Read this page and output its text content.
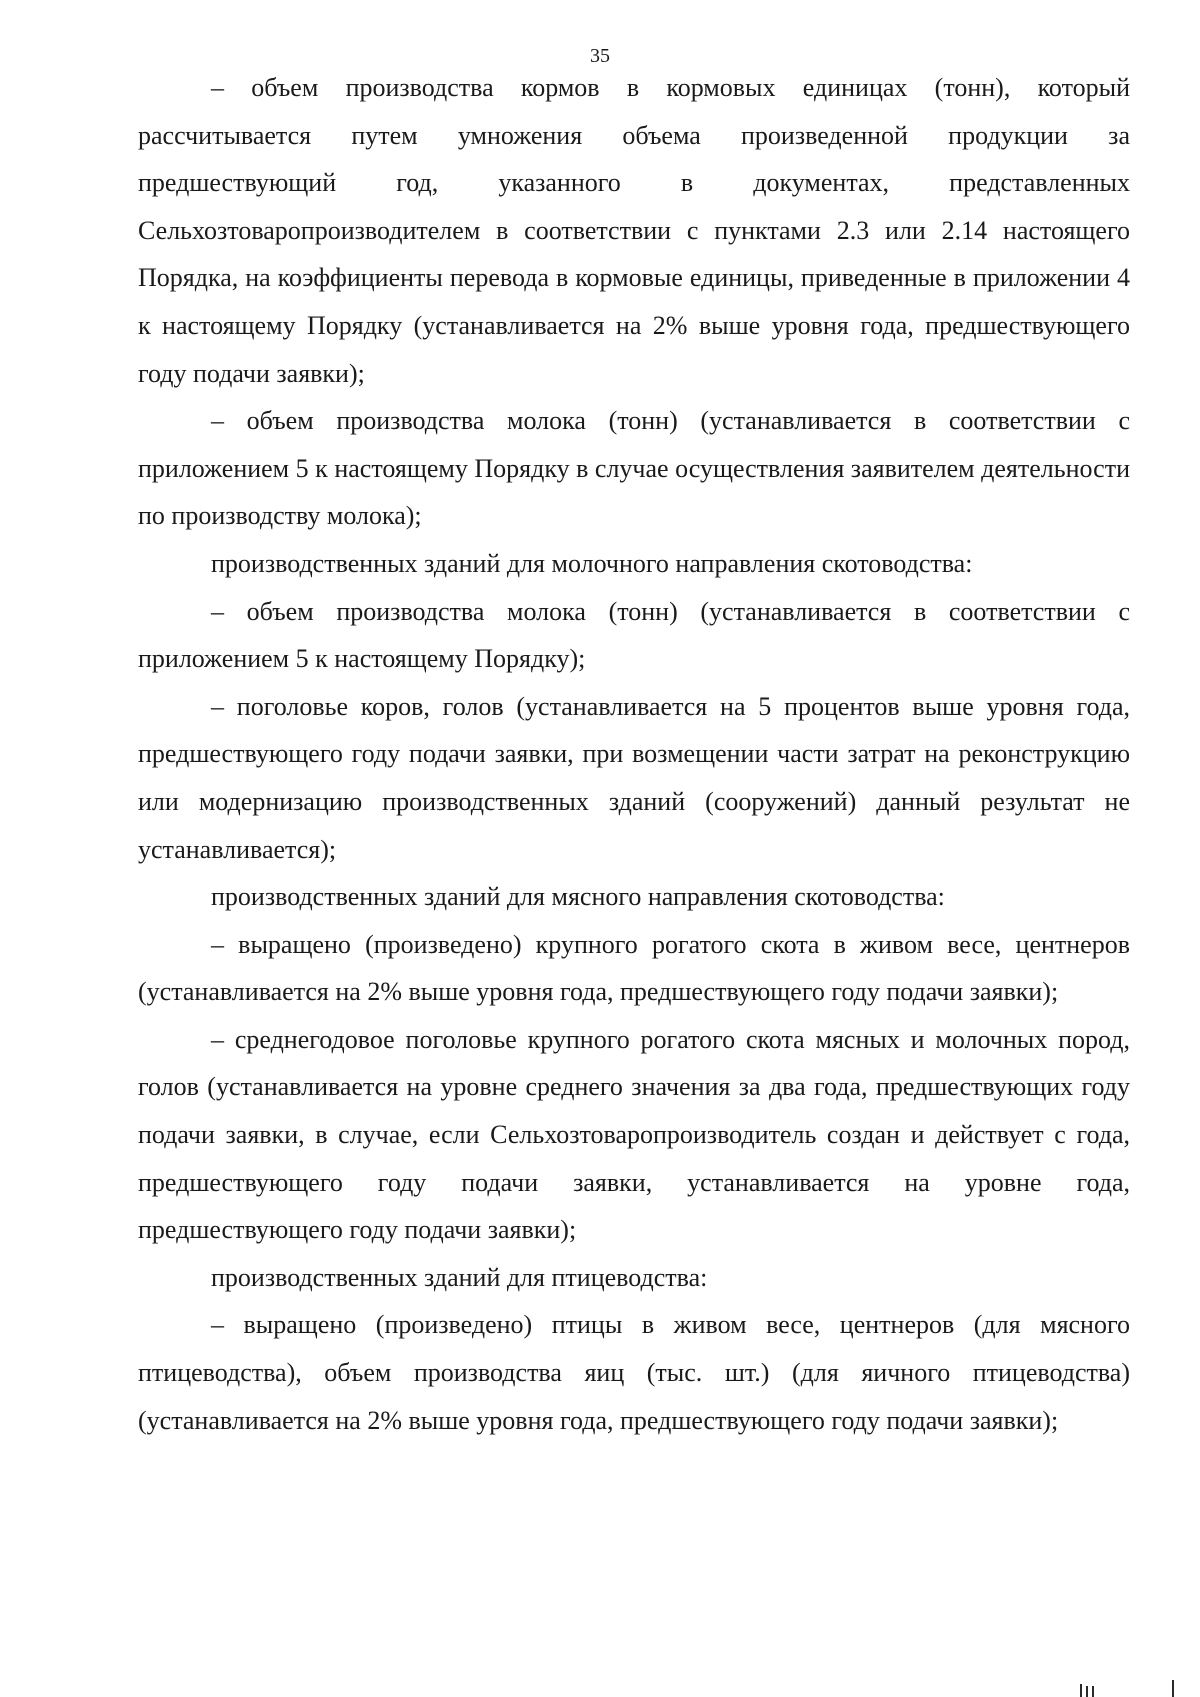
35

– объем производства кормов в кормовых единицах (тонн), который рассчитывается путем умножения объема произведенной продукции за предшествующий год, указанного в документах, представленных Сельхозтоваропроизводителем в соответствии с пунктами 2.3 или 2.14 настоящего Порядка, на коэффициенты перевода в кормовые единицы, приведенные в приложении 4 к настоящему Порядку (устанавливается на 2% выше уровня года, предшествующего году подачи заявки);

– объем производства молока (тонн) (устанавливается в соответствии с приложением 5 к настоящему Порядку в случае осуществления заявителем деятельности по производству молока);

производственных зданий для молочного направления скотоводства:

– объем производства молока (тонн) (устанавливается в соответствии с приложением 5 к настоящему Порядку);

– поголовье коров, голов (устанавливается на 5 процентов выше уровня года, предшествующего году подачи заявки, при возмещении части затрат на реконструкцию или модернизацию производственных зданий (сооружений) данный результат не устанавливается);

производственных зданий для мясного направления скотоводства:

– выращено (произведено) крупного рогатого скота в живом весе, центнеров (устанавливается на 2% выше уровня года, предшествующего году подачи заявки);

– среднегодовое поголовье крупного рогатого скота мясных и молочных пород, голов (устанавливается на уровне среднего значения за два года, предшествующих году подачи заявки, в случае, если Сельхозтоваропроизводитель создан и действует с года, предшествующего году подачи заявки, устанавливается на уровне года, предшествующего году подачи заявки);

производственных зданий для птицеводства:

– выращено (произведено) птицы в живом весе, центнеров (для мясного птицеводства), объем производства яиц (тыс. шт.) (для яичного птицеводства) (устанавливается на 2% выше уровня года, предшествующего году подачи заявки);
